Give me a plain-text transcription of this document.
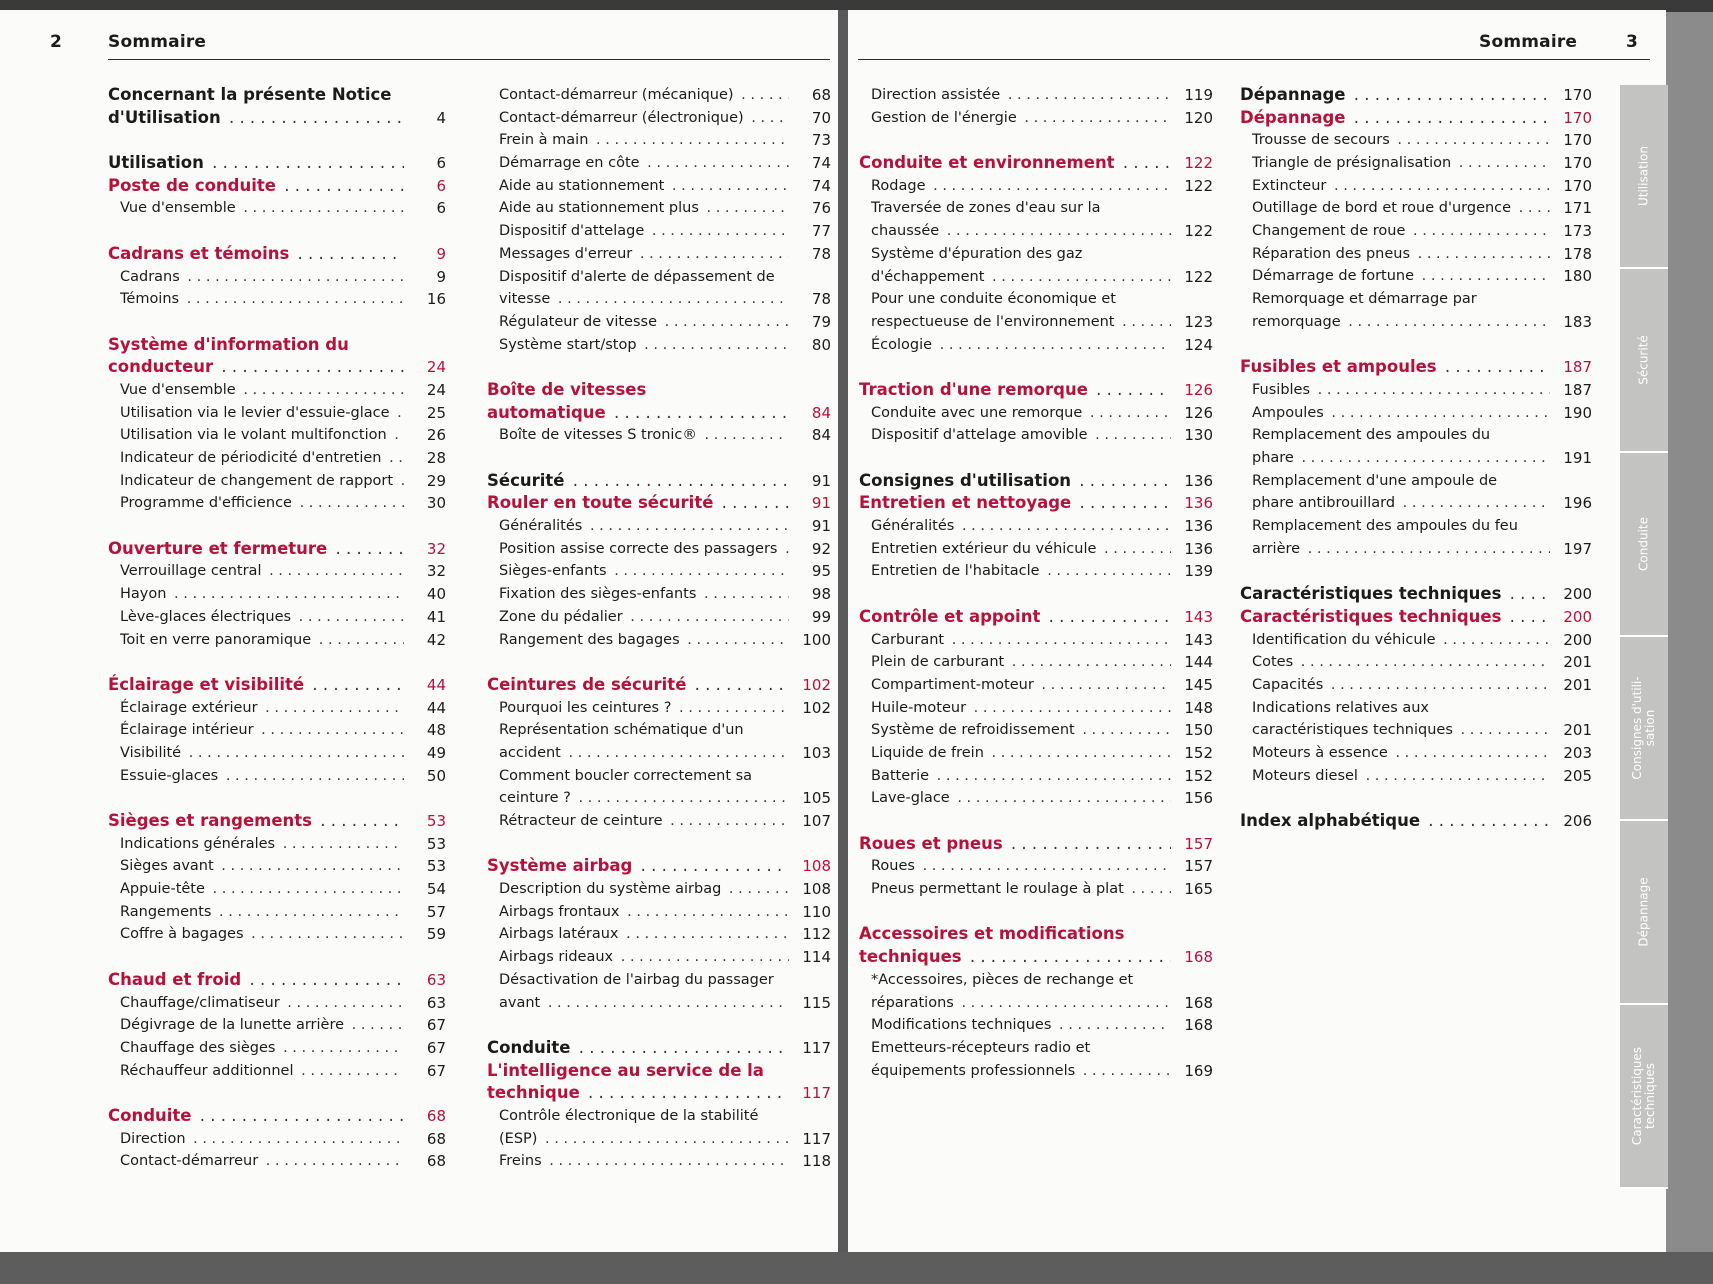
2	Sommaire
Concernant la présente Notice
d'Utilisation . . .	4
Utilisation . . .	6
Poste de conduite . . .	6
Vue d'ensemble . . .	6
Cadrans et témoins . . .	9
Cadrans . . .	9
Témoins . . .	16
Système d'information du
conducteur . . .	24
Vue d'ensemble . . .	24
Utilisation via le levier d'essuie-glace . . .	25
Utilisation via le volant multifonction . . .	26
Indicateur de périodicité d'entretien . . .	28
Indicateur de changement de rapport . . .	29
Programme d'efficience . . .	30
Ouverture et fermeture . . .	32
Verrouillage central . . .	32
Hayon . . .	40
Lève-glaces électriques . . .	41
Toit en verre panoramique . . .	42
Éclairage et visibilité . . .	44
Éclairage extérieur . . .	44
Éclairage intérieur . . .	48
Visibilité . . .	49
Essuie-glaces . . .	50
Sièges et rangements . . .	53
Indications générales . . .	53
Sièges avant . . .	53
Appuie-tête . . .	54
Rangements . . .	57
Coffre à bagages . . .	59
Chaud et froid . . .	63
Chauffage/climatiseur . . .	63
Dégivrage de la lunette arrière . . .	67
Chauffage des sièges . . .	67
Réchauffeur additionnel . . .	67
Conduite . . .	68
Direction . . .	68
Contact-démarreur . . .	68
Contact-démarreur (mécanique) . . .	68
Contact-démarreur (électronique) . . .	70
Frein à main . . .	73
Démarrage en côte . . .	74
Aide au stationnement . . .	74
Aide au stationnement plus . . .	76
Dispositif d'attelage . . .	77
Messages d'erreur . . .	78
Dispositif d'alerte de dépassement de
vitesse . . .	78
Régulateur de vitesse . . .	79
Système start/stop . . .	80
Boîte de vitesses
automatique . . .	84
Boîte de vitesses S tronic® . . .	84
Sécurité . . .	91
Rouler en toute sécurité . . .	91
Généralités . . .	91
Position assise correcte des passagers . . .	92
Sièges-enfants . . .	95
Fixation des sièges-enfants . . .	98
Zone du pédalier . . .	99
Rangement des bagages . . .	100
Ceintures de sécurité . . .	102
Pourquoi les ceintures ? . . .	102
Représentation schématique d'un
accident . . .	103
Comment boucler correctement sa
ceinture ? . . .	105
Rétracteur de ceinture . . .	107
Système airbag . . .	108
Description du système airbag . . .	108
Airbags frontaux . . .	110
Airbags latéraux . . .	112
Airbags rideaux . . .	114
Désactivation de l'airbag du passager
avant . . .	115
Conduite . . .	117
L'intelligence au service de la
technique . . .	117
Contrôle électronique de la stabilité
(ESP) . . .	117
Freins . . .	118
Sommaire	3
Direction assistée . . .	119
Gestion de l'énergie . . .	120
Conduite et environnement . . .	122
Rodage . . .	122
Traversée de zones d'eau sur la
chaussée . . .	122
Système d'épuration des gaz
d'échappement . . .	122
Pour une conduite économique et
respectueuse de l'environnement . . .	123
Écologie . . .	124
Traction d'une remorque . . .	126
Conduite avec une remorque . . .	126
Dispositif d'attelage amovible . . .	130
Consignes d'utilisation . . .	136
Entretien et nettoyage . . .	136
Généralités . . .	136
Entretien extérieur du véhicule . . .	136
Entretien de l'habitacle . . .	139
Contrôle et appoint . . .	143
Carburant . . .	143
Plein de carburant . . .	144
Compartiment-moteur . . .	145
Huile-moteur . . .	148
Système de refroidissement . . .	150
Liquide de frein . . .	152
Batterie . . .	152
Lave-glace . . .	156
Roues et pneus . . .	157
Roues . . .	157
Pneus permettant le roulage à plat . . .	165
Accessoires et modifications
techniques . . .	168
*Accessoires, pièces de rechange et
réparations . . .	168
Modifications techniques . . .	168
Emetteurs-récepteurs radio et
équipements professionnels . . .	169
Dépannage . . .	170
Dépannage . . .	170
Trousse de secours . . .	170
Triangle de présignalisation . . .	170
Extincteur . . .	170
Outillage de bord et roue d'urgence . . .	171
Changement de roue . . .	173
Réparation des pneus . . .	178
Démarrage de fortune . . .	180
Remorquage et démarrage par
remorquage . . .	183
Fusibles et ampoules . . .	187
Fusibles . . .	187
Ampoules . . .	190
Remplacement des ampoules du
phare . . .	191
Remplacement d'une ampoule de
phare antibrouillard . . .	196
Remplacement des ampoules du feu
arrière . . .	197
Caractéristiques techniques . . .	200
Caractéristiques techniques . . .	200
Identification du véhicule . . .	200
Cotes . . .	201
Capacités . . .	201
Indications relatives aux
caractéristiques techniques . . .	201
Moteurs à essence . . .	203
Moteurs diesel . . .	205
Index alphabétique . . .	206
Utilisation
Sécurité
Conduite
Consignes d'utili-
sation
Dépannage
Caractéristiques
techniques
